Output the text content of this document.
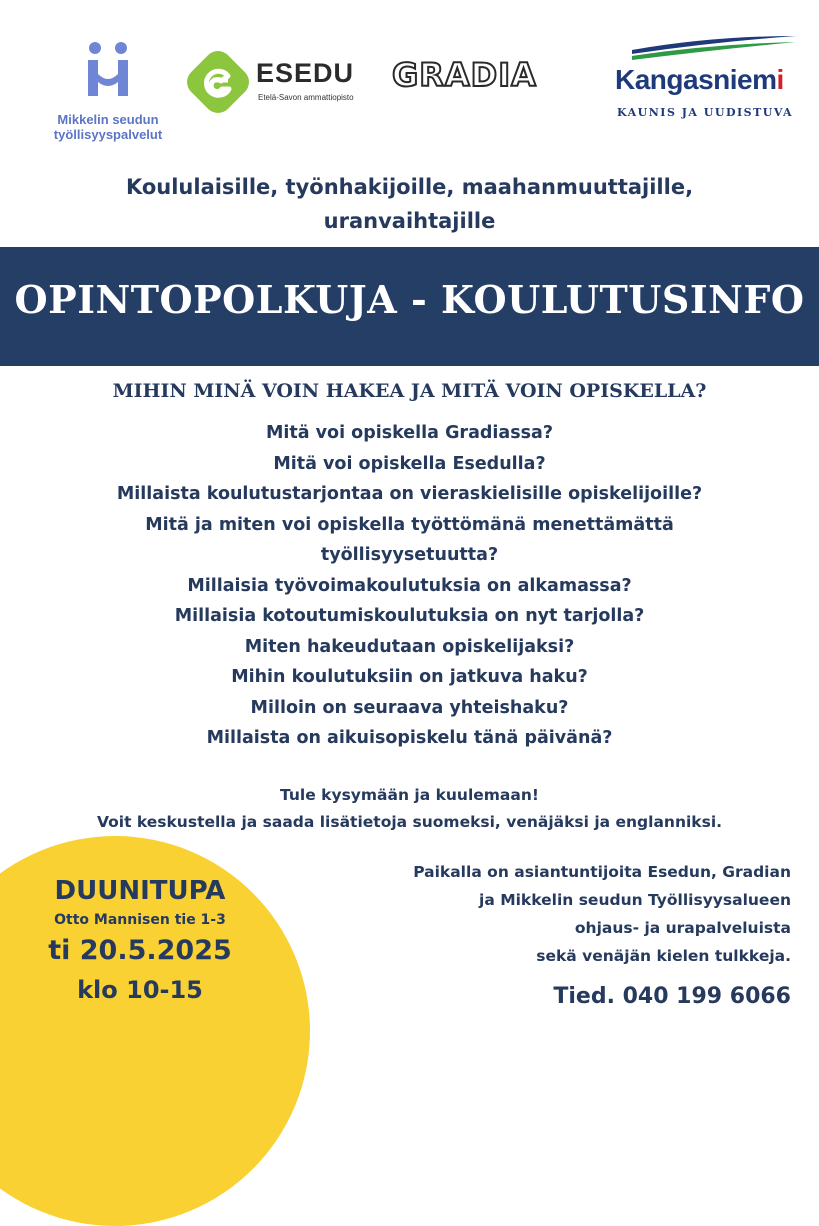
Mikkelin seudun
työllisyyspalvelut
ESEDU
Etelä-Savon ammattiopisto
GRADIA	Kangasniemi
KAUNIS JA UUDISTUVA
Koululaisille, työnhakijoille, maahanmuuttajille,
uranvaihtajille
OPINTOPOLKUJA - KOULUTUSINFO
MIHIN MINÄ VOIN HAKEA JA MITÄ VOIN OPISKELLA?
Mitä voi opiskella Gradiassa?
Mitä voi opiskella Esedulla?
Millaista koulutustarjontaa on vieraskielisille opiskelijoille?
Mitä ja miten voi opiskella työttömänä menettämättä
työllisyysetuutta?
Millaisia työvoimakoulutuksia on alkamassa?
Millaisia kotoutumiskoulutuksia on nyt tarjolla?
Miten hakeudutaan opiskelijaksi?
Mihin koulutuksiin on jatkuva haku?
Milloin on seuraava yhteishaku?
Millaista on aikuisopiskelu tänä päivänä?
Tule kysymään ja kuulemaan!
Voit keskustella ja saada lisätietoja suomeksi, venäjäksi ja englanniksi.
DUUNITUPA
Otto Mannisen tie 1-3
ti 20.5.2025
klo 10-15
Paikalla on asiantuntijoita Esedun, Gradian
ja Mikkelin seudun Työllisyysalueen
ohjaus- ja urapalveluista
sekä venäjän kielen tulkkeja.
Tied. 040 199 6066
